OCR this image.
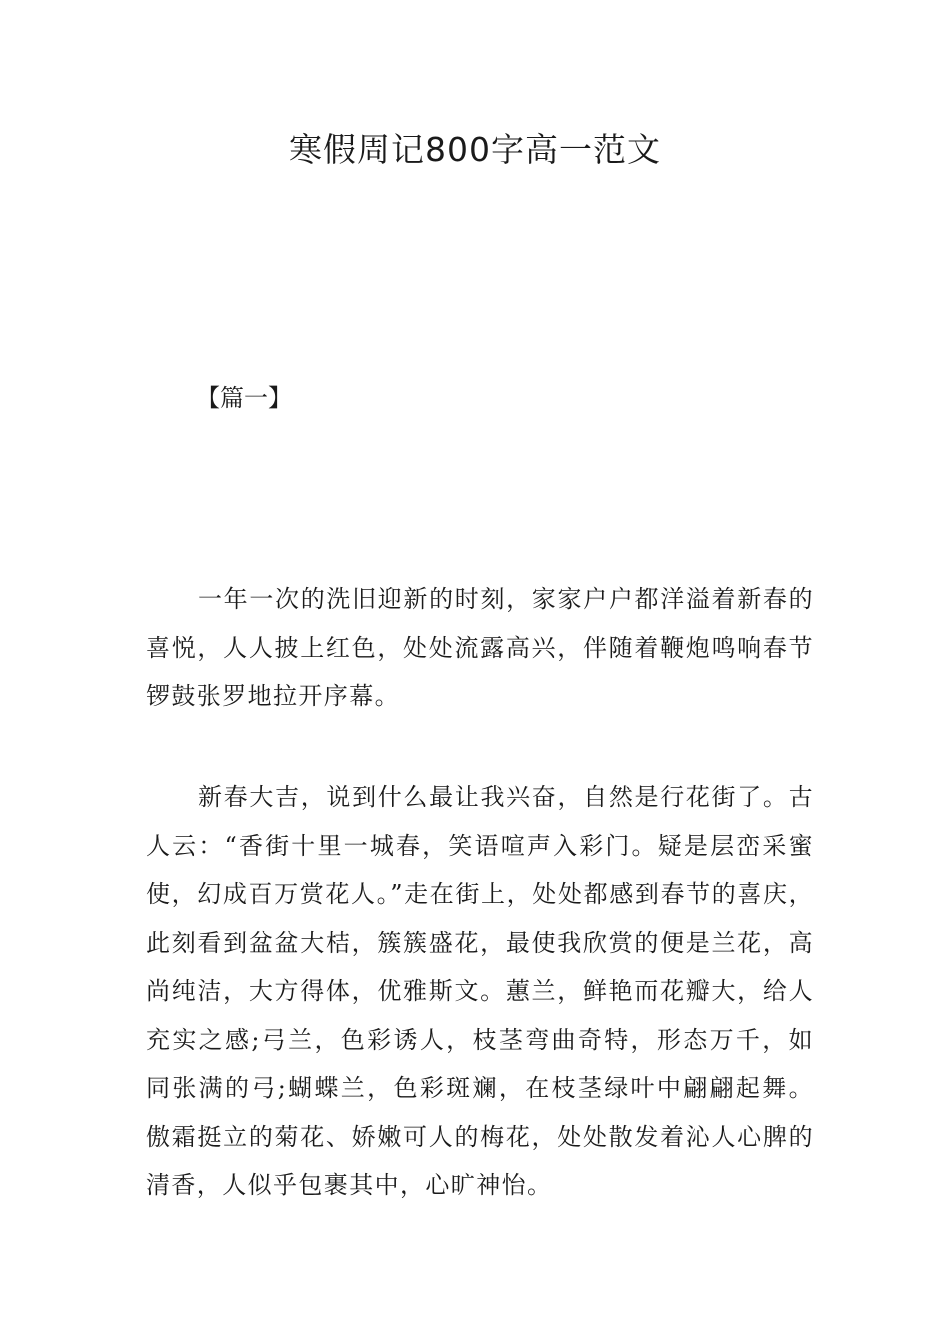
寒假周记800字高一范文
【篇一】

一年一次的洗旧迎新的时刻，家家户户都洋溢着新春的喜悦，人人披上红色，处处流露高兴，伴随着鞭炮鸣响春节锣鼓张罗地拉开序幕。

新春大吉，说到什么最让我兴奋，自然是行花街了。古人云：“香街十里一城春，笑语喧声入彩门。疑是层峦采蜜使，幻成百万赏花人。”走在街上，处处都感到春节的喜庆，此刻看到盆盆大桔，簇簇盛花，最使我欣赏的便是兰花，高尚纯洁，大方得体，优雅斯文。蕙兰，鲜艳而花瓣大，给人充实之感;弓兰，色彩诱人，枝茎弯曲奇特，形态万千，如同张满的弓;蝴蝶兰，色彩斑斓，在枝茎绿叶中翩翩起舞。傲霜挺立的菊花、娇嫩可人的梅花，处处散发着沁人心脾的清香，人似乎包裹其中，心旷神怡。
